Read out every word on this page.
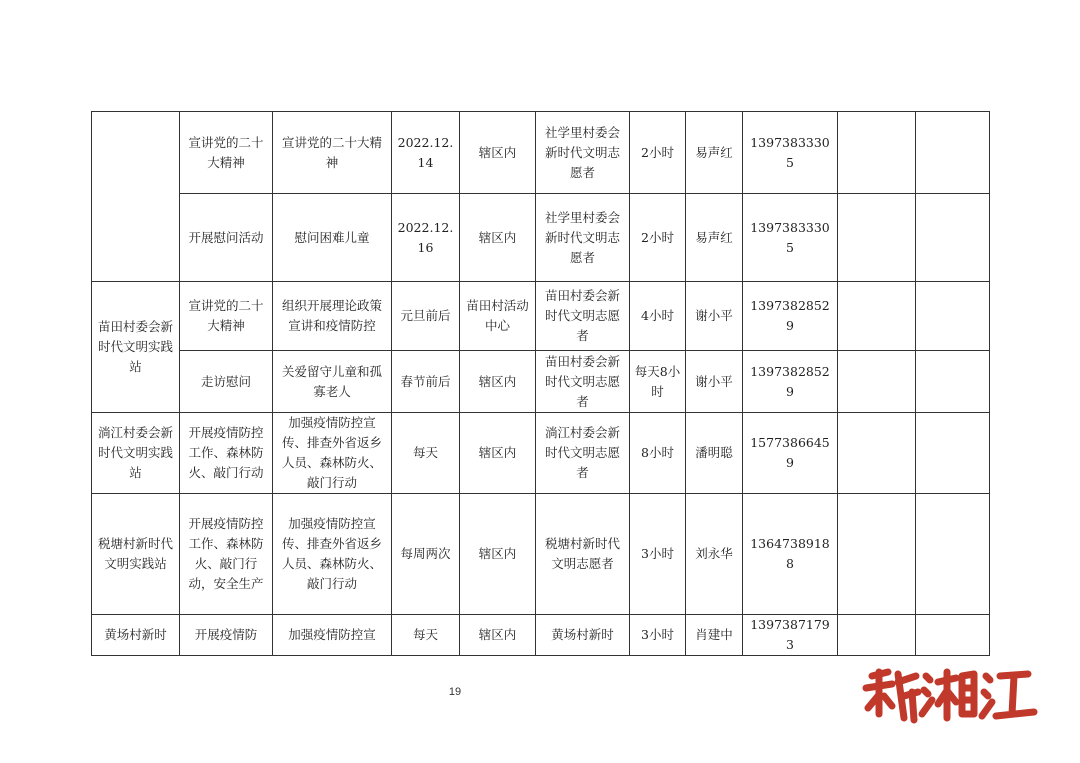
	宣讲党的二十大精神	宣讲党的二十大精神	2022.12.14	辖区内	社学里村委会新时代文明志愿者	2小时	易声红	13973833305		
	开展慰问活动	慰问困难儿童	2022.12.16	辖区内	社学里村委会新时代文明志愿者	2小时	易声红	13973833305		
苗田村委会新时代文明实践站	宣讲党的二十大精神	组织开展理论政策宣讲和疫情防控	元旦前后	苗田村活动中心	苗田村委会新时代文明志愿者	4小时	谢小平	13973828529		
	走访慰问	关爱留守儿童和孤寡老人	春节前后	辖区内	苗田村委会新时代文明志愿者	每天8小时	谢小平	13973828529		
淌江村委会新时代文明实践站	开展疫情防控工作、森林防火、敲门行动	加强疫情防控宣传、排查外省返乡人员、森林防火、敲门行动	每天	辖区内	淌江村委会新时代文明志愿者	8小时	潘明聪	15773866459		
税塘村新时代文明实践站	开展疫情防控工作、森林防火、敲门行动，安全生产	加强疫情防控宣传、排查外省返乡人员、森林防火、敲门行动	每周两次	辖区内	税塘村新时代文明志愿者	3小时	刘永华	13647389188		
黄场村新时	开展疫情防	加强疫情防控宣	每天	辖区内	黄场村新时	3小时	肖建中	13973871793		
19
